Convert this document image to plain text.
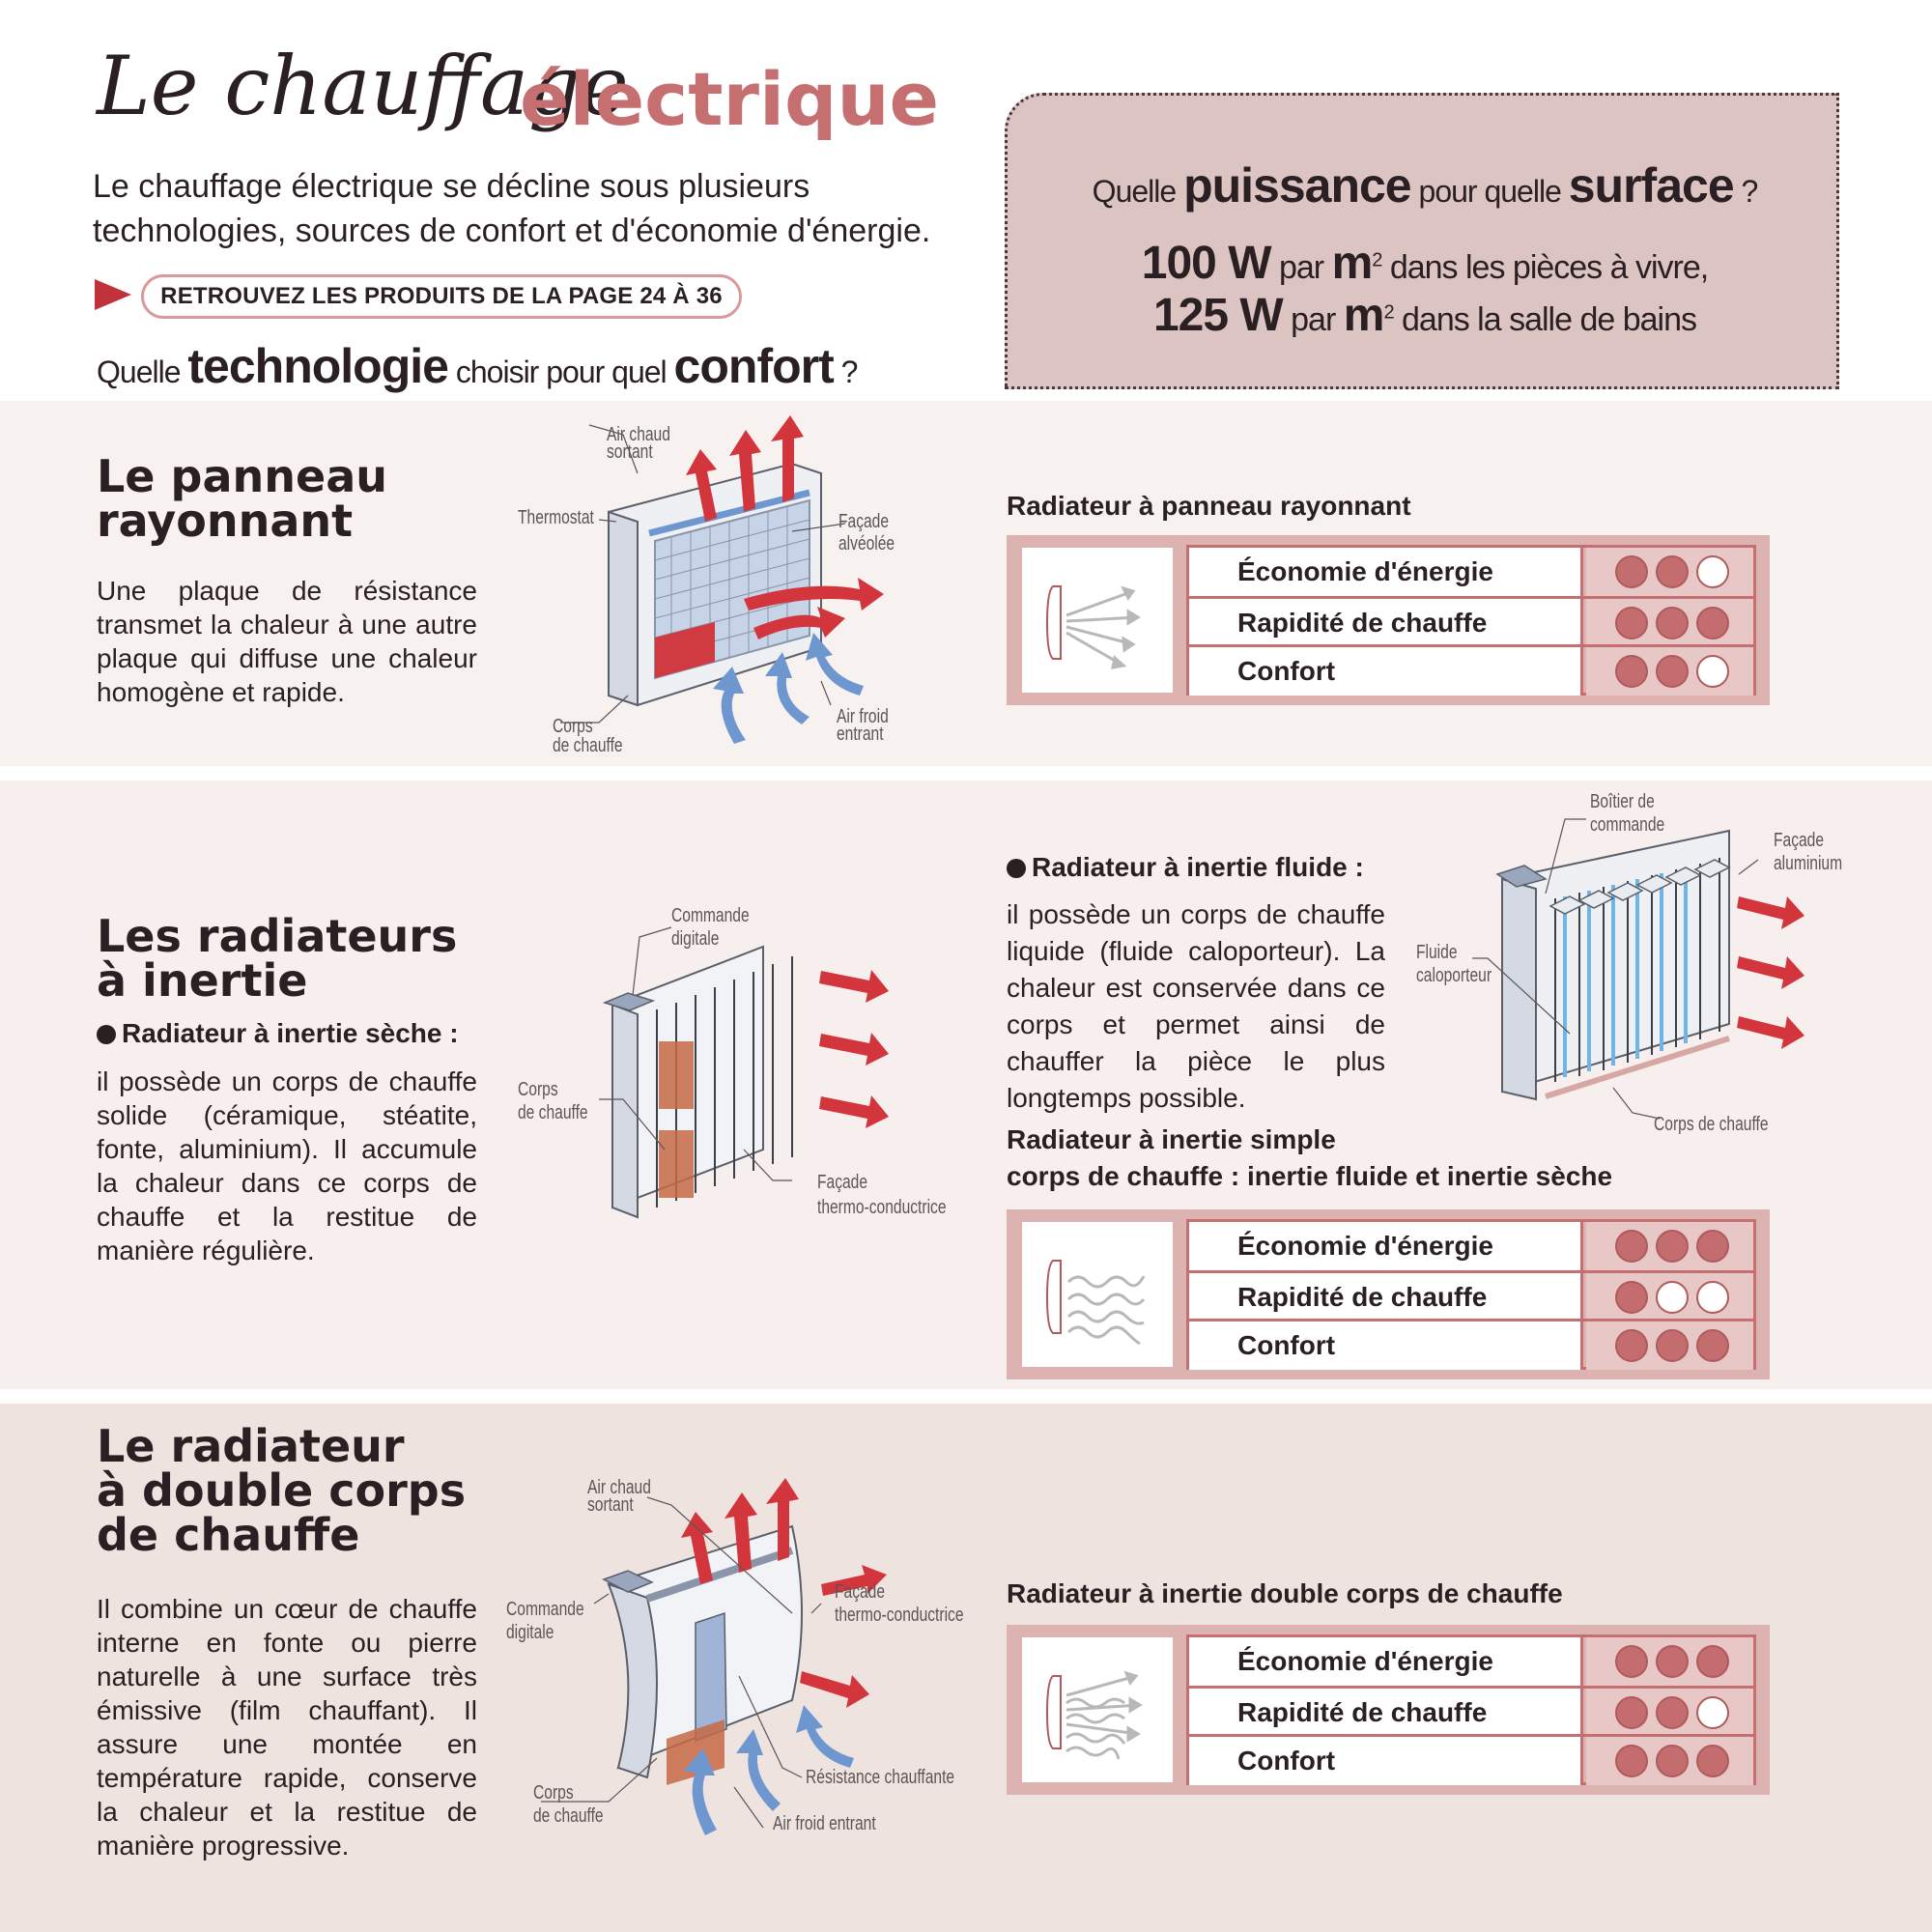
Le chauffage
électrique
Le chauffage électrique se décline sous plusieurs technologies, sources de confort et d'économie d'énergie.
RETROUVEZ LES PRODUITS DE LA PAGE 24 À 36
Quelle technologie choisir pour quel confort ?
Quelle puissance pour quelle surface ?
100 W par $m^2$ dans les pièces à vivre,
125 W par $m^2$ dans la salle de bains
Le panneau
rayonnant
Une plaque de résistance transmet la chaleur à une autre plaque qui diffuse une chaleur homogène et rapide.
Air chaud
sortant
Thermostat	Façade
alvéolée
Corps
de chauffe
Air froid
entrant
Radiateur à panneau rayonnant
Économie d'énergie
Rapidité de chauffe
Confort
Les radiateurs
à inertie
Radiateur à inertie sèche :
il possède un corps de chauffe solide (céramique, stéatite, fonte, aluminium). Il accumule la chaleur dans ce corps de chauffe et la restitue de manière régulière.
Commande
digitale
Corps
de chauffe
Façade
thermo-conductrice
Radiateur à inertie fluide :
il possède un corps de chauffe liquide (fluide caloporteur). La chaleur est conservée dans ce corps et permet ainsi de chauffer la pièce le plus longtemps possible.
Boîtier de
commande
Façade
aluminium
Fluide
caloporteur
Corps de chauffe
Radiateur à inertie simple
corps de chauffe : inertie fluide et inertie sèche
Économie d'énergie
Rapidité de chauffe
Confort
Le radiateur
à double corps
de chauffe
Il combine un cœur de chauffe interne en fonte ou pierre naturelle à une surface très émissive (film chauffant). Il assure une montée en température rapide, conserve la chaleur et la restitue de manière progressive.
Air chaud
sortant
Commande
digitale
Façade
thermo-conductrice
Résistance chauffante
Corps
de chauffe	Air froid entrant
Radiateur à inertie double corps de chauffe
Économie d'énergie
Rapidité de chauffe
Confort
